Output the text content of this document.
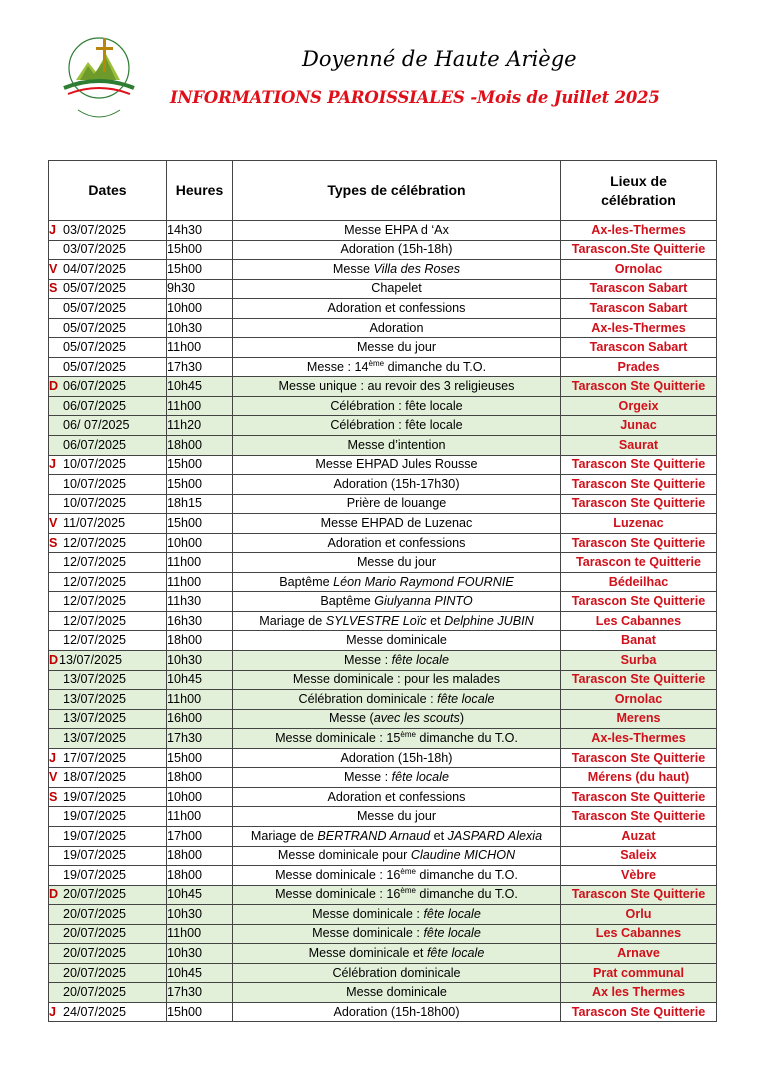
Doyenné de Haute Ariège
INFORMATIONS PAROISSIALES -Mois de Juillet 2025
Dates	Heures	Types de célébration	Lieux de
célébration
J 03/07/2025	14h30	Messe EHPA d ‘Ax	Ax-les-Thermes
03/07/2025	15h00	Adoration (15h-18h)	Tarascon.Ste Quitterie
V 04/07/2025	15h00	Messe Villa des Roses	Ornolac
S 05/07/2025	9h30	Chapelet	Tarascon Sabart
05/07/2025	10h00	Adoration et confessions	Tarascon Sabart
05/07/2025	10h30	Adoration	Ax-les-Thermes
05/07/2025	11h00	Messe du jour	Tarascon Sabart
05/07/2025	17h30	Messe : 14ème dimanche du T.O.	Prades
D 06/07/2025	10h45	Messe unique : au revoir des 3 religieuses	Tarascon Ste Quitterie
06/07/2025	11h00	Célébration : fête locale	Orgeix
06/ 07/2025	11h20	Célébration : fête locale	Junac
06/07/2025	18h00	Messe d’intention	Saurat
J 10/07/2025	15h00	Messe EHPAD Jules Rousse	Tarascon Ste Quitterie
10/07/2025	15h00	Adoration (15h-17h30)	Tarascon Ste Quitterie
10/07/2025	18h15	Prière de louange	Tarascon Ste Quitterie
V 11/07/2025	15h00	Messe EHPAD de Luzenac	Luzenac
S 12/07/2025	10h00	Adoration et confessions	Tarascon Ste Quitterie
12/07/2025	11h00	Messe du jour	Tarascon te Quitterie
12/07/2025	11h00	Baptême Léon Mario Raymond FOURNIE	Bédeilhac
12/07/2025	11h30	Baptême Giulyanna PINTO	Tarascon Ste Quitterie
12/07/2025	16h30	Mariage de SYLVESTRE Loïc et Delphine JUBIN	Les Cabannes
12/07/2025	18h00	Messe dominicale	Banat
D13/07/2025	10h30	Messe : fête locale	Surba
13/07/2025	10h45	Messe dominicale : pour les malades	Tarascon Ste Quitterie
13/07/2025	11h00	Célébration dominicale : fête locale	Ornolac
13/07/2025	16h00	Messe (avec les scouts)	Merens
13/07/2025	17h30	Messe dominicale : 15ème dimanche du T.O.	Ax-les-Thermes
J 17/07/2025	15h00	Adoration (15h-18h)	Tarascon Ste Quitterie
V 18/07/2025	18h00	Messe : fête locale	Mérens (du haut)
S 19/07/2025	10h00	Adoration et confessions	Tarascon Ste Quitterie
19/07/2025	11h00	Messe du jour	Tarascon Ste Quitterie
19/07/2025	17h00	Mariage de BERTRAND Arnaud et JASPARD Alexia	Auzat
19/07/2025	18h00	Messe dominicale pour Claudine MICHON	Saleix
19/07/2025	18h00	Messe dominicale : 16ème dimanche du T.O.	Vèbre
D 20/07/2025	10h45	Messe dominicale : 16ème dimanche du T.O.	Tarascon Ste Quitterie
20/07/2025	10h30	Messe dominicale : fête locale	Orlu
20/07/2025	11h00	Messe dominicale : fête locale	Les Cabannes
20/07/2025	10h30	Messe dominicale et fête locale	Arnave
20/07/2025	10h45	Célébration dominicale	Prat communal
20/07/2025	17h30	Messe dominicale	Ax les Thermes
J 24/07/2025	15h00	Adoration (15h-18h00)	Tarascon Ste Quitterie
